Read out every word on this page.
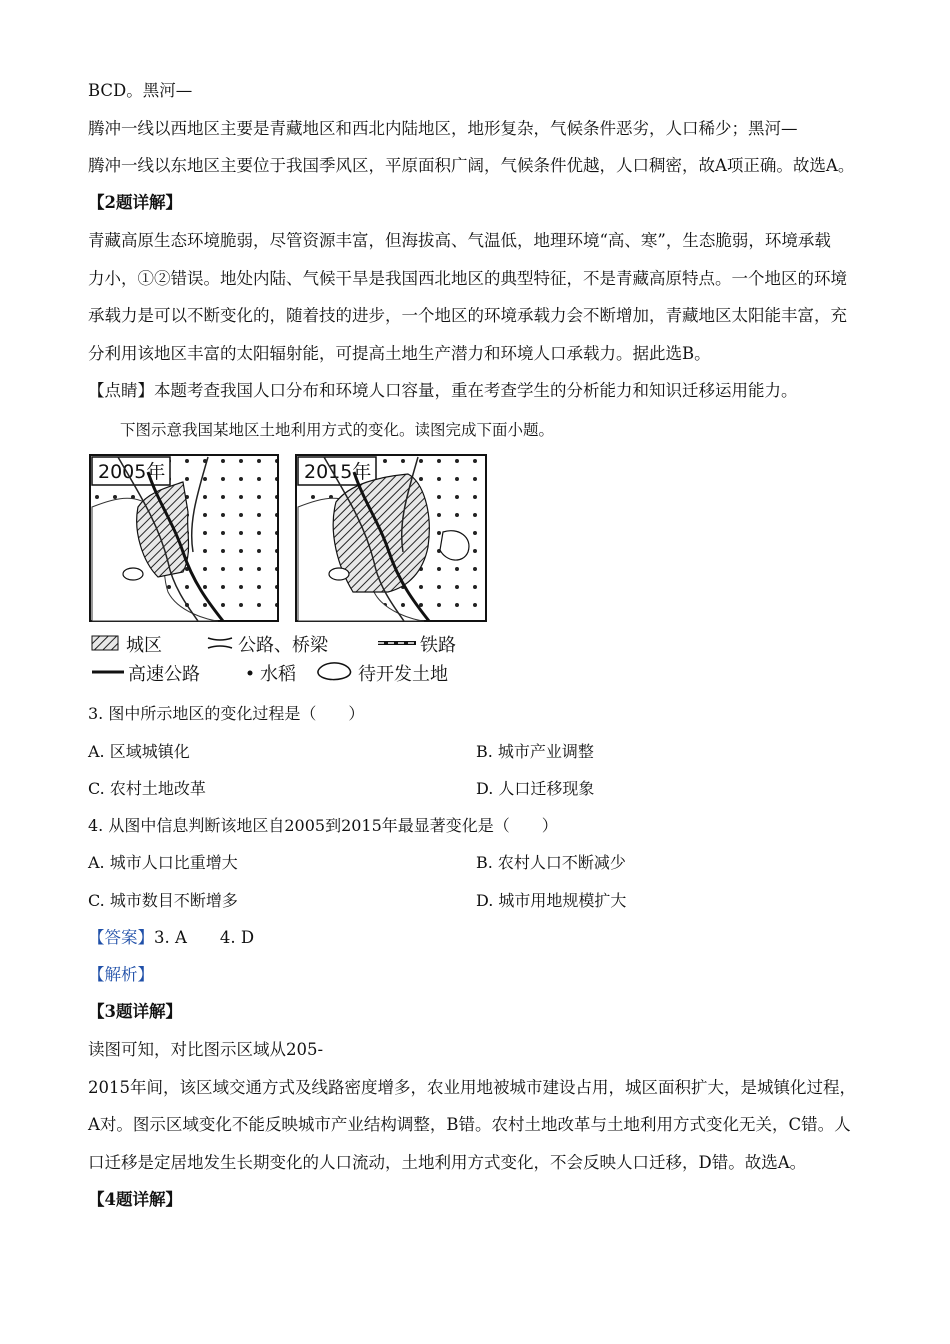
BCD。黑河—
腾冲一线以西地区主要是青藏地区和西北内陆地区，地形复杂，气候条件恶劣，人口稀少；黑河—
腾冲一线以东地区主要位于我国季风区，平原面积广阔，气候条件优越，人口稠密，故A项正确。故选A。
【2题详解】
青藏高原生态环境脆弱，尽管资源丰富，但海拔高、气温低，地理环境“高、寒”，生态脆弱，环境承载
力小，①②错误。地处内陆、气候干旱是我国西北地区的典型特征，不是青藏高原特点。一个地区的环境
承载力是可以不断变化的，随着技的进步，一个地区的环境承载力会不断增加，青藏地区太阳能丰富，充
分利用该地区丰富的太阳辐射能，可提高土地生产潜力和环境人口承载力。据此选B。
【点睛】本题考查我国人口分布和环境人口容量，重在考查学生的分析能力和知识迁移运用能力。
下图示意我国某地区土地利用方式的变化。读图完成下面小题。
2005年	2015年
城区	公路、桥梁	铁路
高速公路	水稻	待开发土地
3. 图中所示地区的变化过程是（　　）
A. 区域城镇化	B. 城市产业调整
C. 农村土地改革	D. 人口迁移现象
4. 从图中信息判断该地区自2005到2015年最显著变化是（　　）
A. 城市人口比重增大	B. 农村人口不断减少
C. 城市数目不断增多	D. 城市用地规模扩大
【答案】3. A　　4. D
【解析】
【3题详解】
读图可知，对比图示区域从205-
2015年间，该区域交通方式及线路密度增多，农业用地被城市建设占用，城区面积扩大，是城镇化过程，
A对。图示区域变化不能反映城市产业结构调整，B错。农村土地改革与土地利用方式变化无关，C错。人
口迁移是定居地发生长期变化的人口流动，土地利用方式变化，不会反映人口迁移，D错。故选A。
【4题详解】
